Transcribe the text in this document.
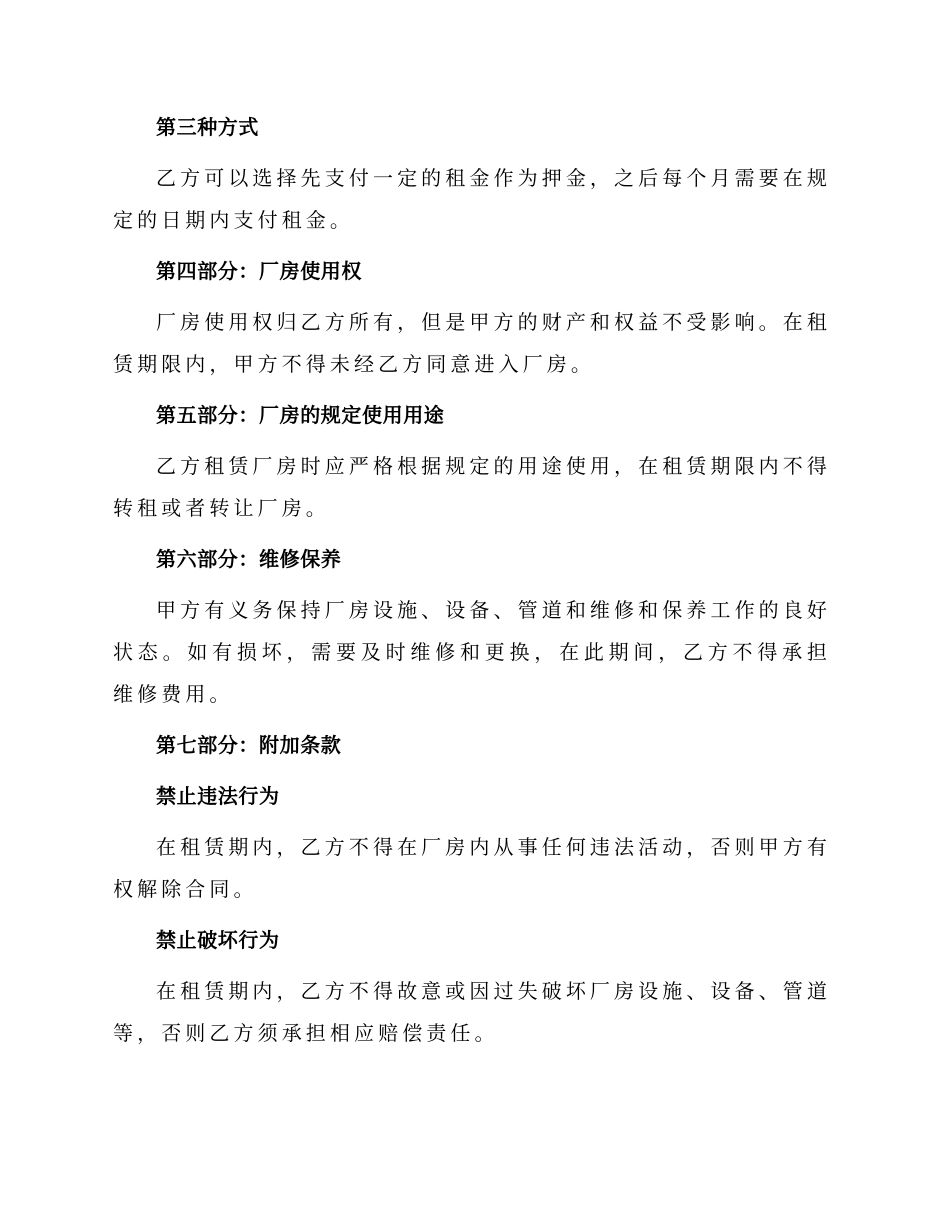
第三种方式

乙方可以选择先支付一定的租金作为押金，之后每个月需要在规定的日期内支付租金。

第四部分：厂房使用权

厂房使用权归乙方所有，但是甲方的财产和权益不受影响。在租赁期限内，甲方不得未经乙方同意进入厂房。

第五部分：厂房的规定使用用途

乙方租赁厂房时应严格根据规定的用途使用，在租赁期限内不得转租或者转让厂房。

第六部分：维修保养

甲方有义务保持厂房设施、设备、管道和维修和保养工作的良好状态。如有损坏，需要及时维修和更换，在此期间，乙方不得承担维修费用。

第七部分：附加条款
禁止违法行为

在租赁期内，乙方不得在厂房内从事任何违法活动，否则甲方有权解除合同。

禁止破坏行为

在租赁期内，乙方不得故意或因过失破坏厂房设施、设备、管道等，否则乙方须承担相应赔偿责任。
